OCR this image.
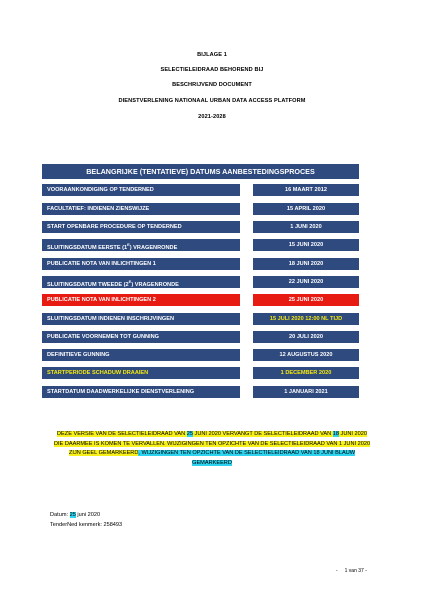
BIJLAGE 1
SELECTIELEIDRAAD BEHOREND BIJ
BESCHRIJVEND DOCUMENT
DIENSTVERLENING NATIONAAL URBAN DATA ACCESS PLATFORM
2021-2028
BELANGRIJKE (TENTATIEVE) DATUMS AANBESTEDINGSPROCES
VOORAANKONDIGING OP TENDERNED	16 MAART 2012
FACULTATIEF: INDIENEN ZIENSWIJZE	15 APRIL 2020
START OPENBARE PROCEDURE OP TENDERNED	1 JUNI 2020
SLUITINGSDATUM EERSTE $(1^E)$ VRAGENRONDE	15 JUNI 2020
PUBLICATIE NOTA VAN INLICHTINGEN 1	18 JUNI 2020
SLUITINGSDATUM TWEEDE $(2^E)$ VRAGENRONDE	22 JUNI 2020
PUBLICATIE NOTA VAN INLICHTINGEN 2	25 JUNI 2020
SLUITINGSDATUM INDIENEN INSCHRIJVINGEN	15 JULI 2020 12:00 NL TIJD
PUBLICATIE VOORNEMEN TOT GUNNING	20 JULI 2020
DEFINITIEVE GUNNING	12 AUGUSTUS 2020
STARTPERIODE SCHADUW DRAAIEN	1 DECEMBER 2020
STARTDATUM DAADWERKELIJKE DIENSTVERLENING	1 JANUARI 2021
DEZE VERSIE VAN DE SELECTIELEIDRAAD VAN 25 JUNI 2020 VERVANGT DE SELECTIELEIDRAAD VAN 18 JUNI 2020 DIE DAARMEE IS KOMEN TE VERVALLEN. WIJZIGINGEN TEN OPZICHTE VAN DE SELECTIELEIDRAAD VAN 1 JUNI 2020 ZIJN GEEL GEMARKEERD, WIJZIGINGEN TEN OPZICHTE VAN DE SELECTIELEIDRAAD VAN 18 JUNI BLAUW GEMARKEERD
Datum: 25 juni 2020
TenderNed kenmerk: 258493
- 1 van 37 -
